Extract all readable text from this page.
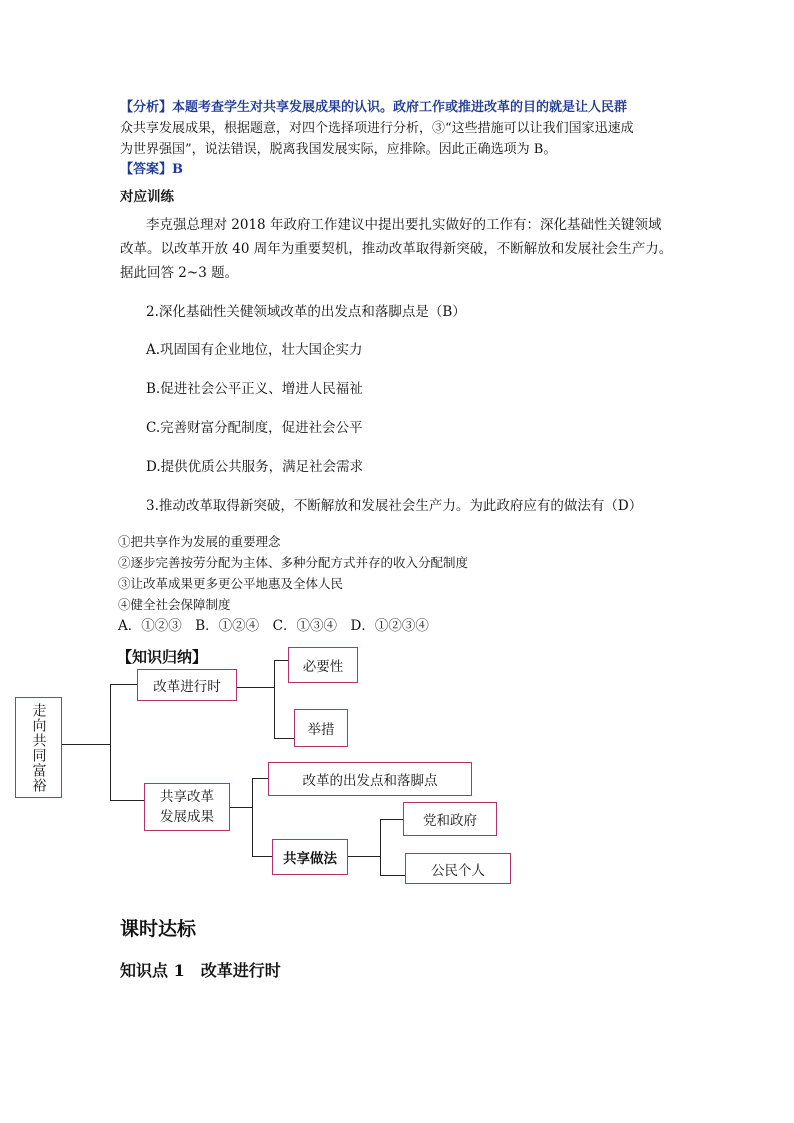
【分析】本题考查学生对共享发展成果的认识。政府工作或推进改革的目的就是让人民群
众共享发展成果，根据题意，对四个选择项进行分析，③“这些措施可以让我们国家迅速成
为世界强国”，说法错误，脱离我国发展实际，应排除。因此正确选项为 B。
【答案】B
对应训练
李克强总理对 2018 年政府工作建议中提出要扎实做好的工作有：深化基础性关键领域
改革。以改革开放 40 周年为重要契机，推动改革取得新突破，不断解放和发展社会生产力。
据此回答 2~3 题。
2.深化基础性关健领域改革的出发点和落脚点是（B）
A.巩固国有企业地位，壮大国企实力
B.促进社会公平正义、增进人民福祉
C.完善财富分配制度，促进社会公平
D.提供优质公共服务，满足社会需求
3.推动改革取得新突破，不断解放和发展社会生产力。为此政府应有的做法有（D）
①把共享作为发展的重要理念
②逐步完善按劳分配为主体、多种分配方式并存的收入分配制度
③让改革成果更多更公平地惠及全体人民
④健全社会保障制度
A．①②③　B．①②④　C．①③④　D．①②③④
【知识归纳】
走向共同富裕
改革进行时
必要性
举措
共享改革
发展成果
改革的出发点和落脚点
共享做法
党和政府
公民个人
课时达标
知识点 1　改革进行时
